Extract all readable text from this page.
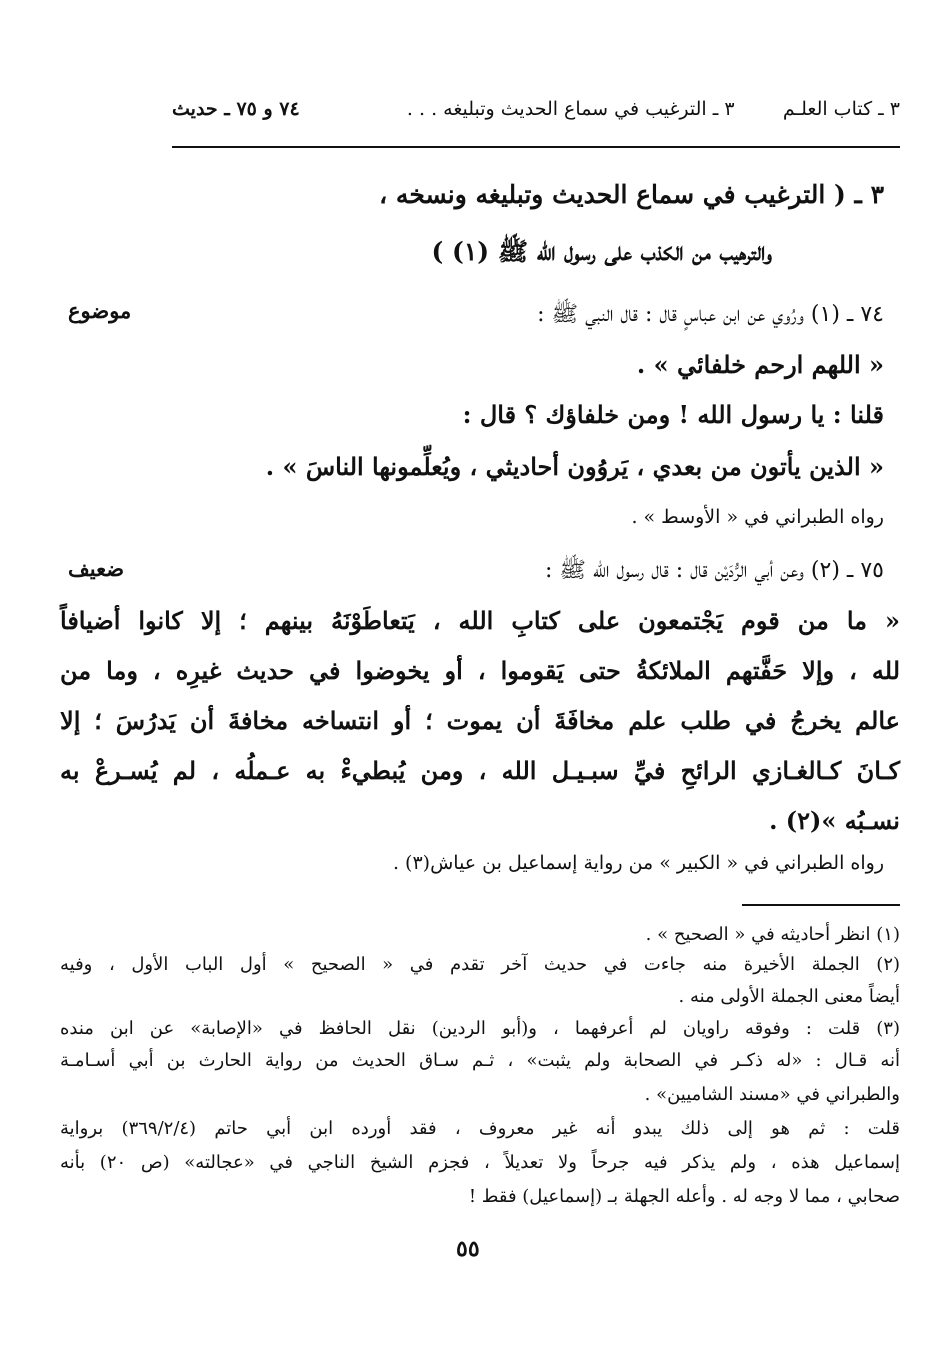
٧٤ و ٧٥ ـ حديث	٣ ـ كتاب العلـم        ٣ ـ الترغيب في سماع الحديث وتبليغه . . .
٣ ـ ( الترغيب في سماع الحديث وتبليغه ونسخه ،
والترهيب من الكذب على رسول الله ﷺ (١) )
موضوع
ضعيف
٧٤ ـ (١) ورُوي عن ابن عباسٍ قال : قال النبي ﷺ :
« اللهم ارحم خلفائي » .
قلنا : يا رسول الله ! ومن خلفاؤك ؟ قال :
« الذين يأتون من بعدي ، يَروُون أحاديثي ، ويُعلِّمونها الناسَ » .
رواه الطبراني في « الأوسط » .
٧٥ ـ (٢) وعن أبي الرُّدَيْن قال : قال رسول الله ﷺ :
« ما من قوم يَجْتمعون على كتابِ الله ، يَتعاطَوْنَهُ بينهم ؛ إلا كانوا أضيافاً
لله ، وإلا حَفَّتهم الملائكةُ حتى يَقوموا ، أو يخوضوا في حديث غيرِه ، وما من
عالم يخرجُ في طلب علم مخافَةَ أن يموت ؛ أو انتساخه مخافةَ أن يَدرُسَ ؛ إلا
كـانَ كـالغـازي الرائحِ فيِّ سبـيـل الله ، ومن يُبطيءْ به عـملُه ، لم يُسـرعْ به
نسـبُه »(٢) .
رواه الطبراني في « الكبير » من رواية إسماعيل بن عياش(٣) .
(١) انظر أحاديثه في « الصحيح » .
(٢) الجملة الأخيرة منه جاءت في حديث آخر تقدم في « الصحيح » أول الباب الأول ، وفيه
أيضاً معنى الجملة الأولى منه .
(٣) قلت : وفوقه راويان لم أعرفهما ، و(أبو الردين) نقل الحافظ في «الإصابة» عن ابن منده
أنه قـال : «له ذكـر في الصحابة ولم يثبت» ، ثـم سـاق الحديث من رواية الحارث بن أبي أسـامـة
والطبراني في «مسند الشاميين» .
قلت : ثم هو إلى ذلك يبدو أنه غير معروف ، فقد أورده ابن أبي حاتم (٣٦٩/٢/٤) برواية
إسماعيل هذه ، ولم يذكر فيه جرحاً ولا تعديلاً ، فجزم الشيخ الناجي في «عجالته» (ص ٢٠) بأنه
صحابي ، مما لا وجه له . وأعله الجهلة بـ (إسماعيل) فقط !
٥٥
